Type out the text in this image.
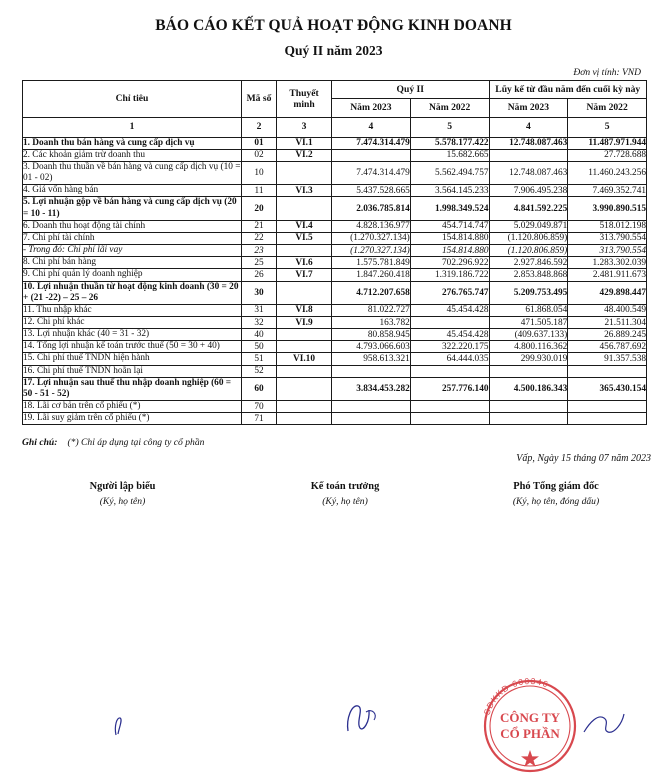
BÁO CÁO KẾT QUẢ HOẠT ĐỘNG KINH DOANH
Quý II năm 2023
Đơn vị tính: VND
Chỉ tiêu	Mã số	Thuyết minh	Quý II		Lũy kế từ đầu năm đến cuối kỳ này	
			Năm 2023	Năm 2022	Năm 2023	Năm 2022
1	2	3	4	5	4	5
1. Doanh thu bán hàng và cung cấp dịch vụ	01	VI.1	7.474.314.479	5.578.177.422	12.748.087.463	11.487.971.944
2. Các khoản giảm trừ doanh thu	02	VI.2		15.682.665		27.728.688
3. Doanh thu thuần về bán hàng và cung cấp dịch vụ (10 = 01 - 02)	10		7.474.314.479	5.562.494.757	12.748.087.463	11.460.243.256
4. Giá vốn hàng bán	11	VI.3	5.437.528.665	3.564.145.233	7.906.495.238	7.469.352.741
5. Lợi nhuận gộp về bán hàng và cung cấp dịch vụ (20 = 10 - 11)	20		2.036.785.814	1.998.349.524	4.841.592.225	3.990.890.515
6. Doanh thu hoạt động tài chính	21	VI.4	4.828.136.977	454.714.747	5.029.049.871	518.012.198
7. Chi phí tài chính	22	VI.5	(1.270.327.134)	154.814.880	(1.120.806.859)	313.790.554
- Trong đó: Chi phí lãi vay	23		(1.270.327.134)	154.814.880	(1.120.806.859)	313.790.554
8. Chi phí bán hàng	25	VI.6	1.575.781.849	702.296.922	2.927.846.592	1.283.302.039
9. Chi phí quản lý doanh nghiệp	26	VI.7	1.847.260.418	1.319.186.722	2.853.848.868	2.481.911.673
10. Lợi nhuận thuần từ hoạt động kinh doanh (30 = 20 + (21 -22) – 25 – 26	30		4.712.207.658	276.765.747	5.209.753.495	429.898.447
11. Thu nhập khác	31	VI.8	81.022.727	45.454.428	61.868.054	48.400.549
12. Chi phí khác	32	VI.9	163.782		471.505.187	21.511.304
13. Lợi nhuận khác (40 = 31 - 32)	40		80.858.945	45.454.428	(409.637.133)	26.889.245
14. Tổng lợi nhuận kế toán trước thuế (50 = 30 + 40)	50		4.793.066.603	322.220.175	4.800.116.362	456.787.692
15. Chi phí thuế TNDN hiện hành	51	VI.10	958.613.321	64.444.035	299.930.019	91.357.538
16. Chi phí thuế TNDN hoãn lại	52					
17. Lợi nhuận sau thuế thu nhập doanh nghiệp (60 = 50 - 51 - 52)	60		3.834.453.282	257.776.140	4.500.186.343	365.430.154
18. Lãi cơ bản trên cổ phiếu (*)	70					
19. Lãi suy giảm trên cổ phiếu (*)	71					
Ghi chú: (*) Chỉ áp dụng tại công ty cổ phần
Vấp, Ngày 15 tháng 07 năm 2023
Người lập biểu
(Ký, họ tên)
Kế toán trưởng
(Ký, họ tên)
Phó Tổng giám đốc
(Ký, họ tên, đóng dấu)
SĐKKD 600346
CÔNG TY
CỔ PHẦN
